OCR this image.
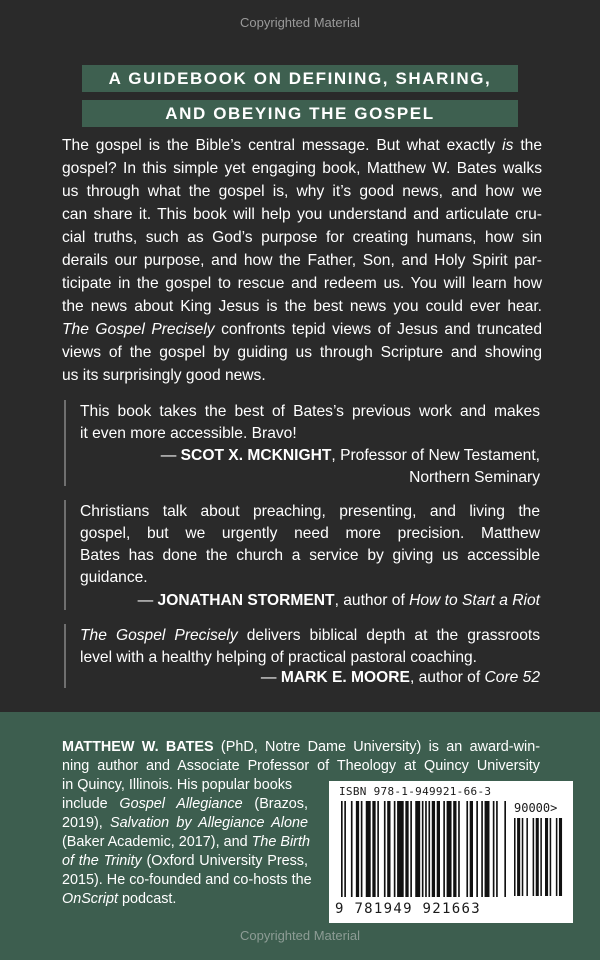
Copyrighted Material
A GUIDEBOOK ON DEFINING, SHARING,
AND OBEYING THE GOSPEL
The gospel is the Bible’s central message. But what exactly is the
gospel? In this simple yet engaging book, Matthew W. Bates walks
us through what the gospel is, why it’s good news, and how we
can share it. This book will help you understand and articulate cru-
cial truths, such as God’s purpose for creating humans, how sin
derails our purpose, and how the Father, Son, and Holy Spirit par-
ticipate in the gospel to rescue and redeem us. You will learn how
the news about King Jesus is the best news you could ever hear.
The Gospel Precisely confronts tepid views of Jesus and truncated
views of the gospel by guiding us through Scripture and showing
us its surprisingly good news.
This book takes the best of Bates’s previous work and makes
it even more accessible. Bravo!
— SCOT X. MCKNIGHT, Professor of New Testament,
Northern Seminary
Christians talk about preaching, presenting, and living the
gospel, but we urgently need more precision. Matthew
Bates has done the church a service by giving us accessible
guidance.
— JONATHAN STORMENT, author of How to Start a Riot
The Gospel Precisely delivers biblical depth at the grassroots
level with a healthy helping of practical pastoral coaching.
— MARK E. MOORE, author of Core 52
MATTHEW W. BATES (PhD, Notre Dame University) is an award-win-
ning author and Associate Professor of Theology at Quincy University
in Quincy, Illinois. His popular books
include Gospel Allegiance (Brazos,
2019), Salvation by Allegiance Alone
(Baker Academic, 2017), and The Birth
of the Trinity (Oxford University Press,
2015). He co-founded and co-hosts the
OnScript podcast.
ISBN 978-1-949921-66-3
90000>
9 781949 921663
Copyrighted Material
